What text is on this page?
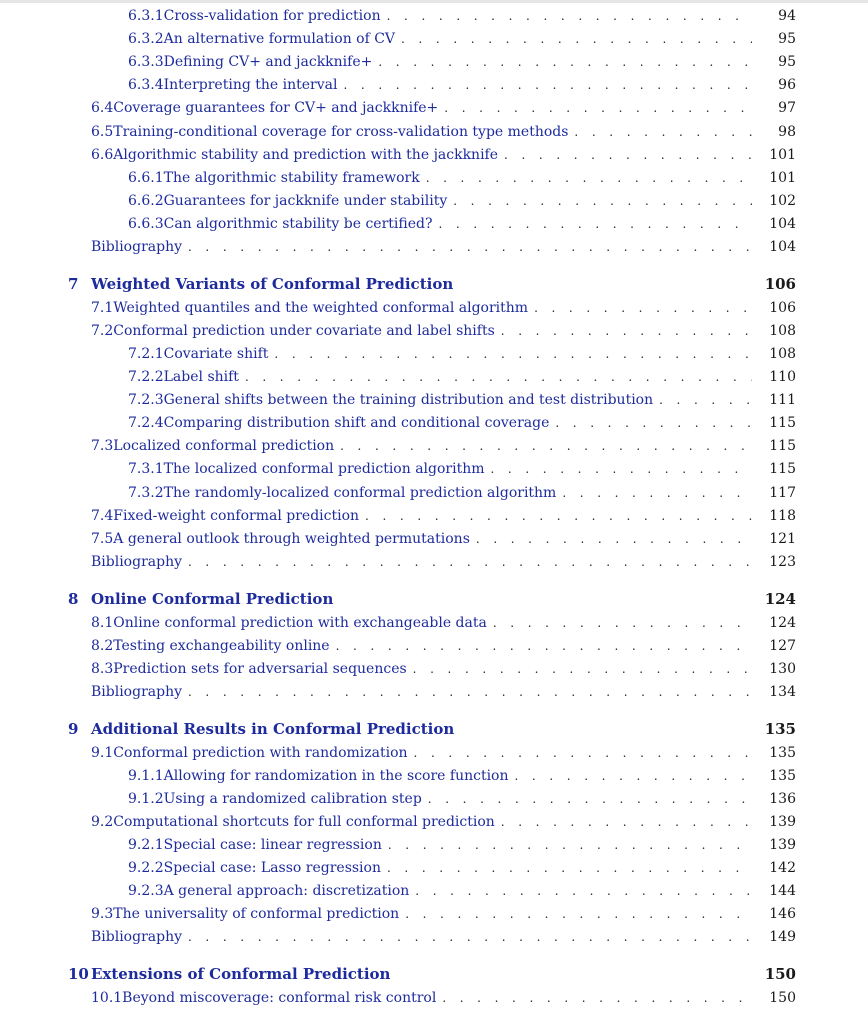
6.3.1 Cross-validation for prediction . . .	94
6.3.2 An alternative formulation of CV . . .	95
6.3.3 Defining CV+ and jackknife+ . . .	95
6.3.4 Interpreting the interval . . .	96
6.4 Coverage guarantees for CV+ and jackknife+ . . .	97
6.5 Training-conditional coverage for cross-validation type methods . . .	98
6.6 Algorithmic stability and prediction with the jackknife . . .	101
6.6.1 The algorithmic stability framework . . .	101
6.6.2 Guarantees for jackknife under stability . . .	102
6.6.3 Can algorithmic stability be certified? . . .	104
Bibliography . . .	104
7 Weighted Variants of Conformal Prediction	106
7.1 Weighted quantiles and the weighted conformal algorithm . . .	106
7.2 Conformal prediction under covariate and label shifts . . .	108
7.2.1 Covariate shift . . .	108
7.2.2 Label shift . . .	110
7.2.3 General shifts between the training distribution and test distribution . . .	111
7.2.4 Comparing distribution shift and conditional coverage . . .	115
7.3 Localized conformal prediction . . .	115
7.3.1 The localized conformal prediction algorithm . . .	115
7.3.2 The randomly-localized conformal prediction algorithm . . .	117
7.4 Fixed-weight conformal prediction . . .	118
7.5 A general outlook through weighted permutations . . .	121
Bibliography . . .	123
8 Online Conformal Prediction	124
8.1 Online conformal prediction with exchangeable data . . .	124
8.2 Testing exchangeability online . . .	127
8.3 Prediction sets for adversarial sequences . . .	130
Bibliography . . .	134
9 Additional Results in Conformal Prediction	135
9.1 Conformal prediction with randomization . . .	135
9.1.1 Allowing for randomization in the score function . . .	135
9.1.2 Using a randomized calibration step . . .	136
9.2 Computational shortcuts for full conformal prediction . . .	139
9.2.1 Special case: linear regression . . .	139
9.2.2 Special case: Lasso regression . . .	142
9.2.3 A general approach: discretization . . .	144
9.3 The universality of conformal prediction . . .	146
Bibliography . . .	149
10 Extensions of Conformal Prediction	150
10.1 Beyond miscoverage: conformal risk control . . .	150
